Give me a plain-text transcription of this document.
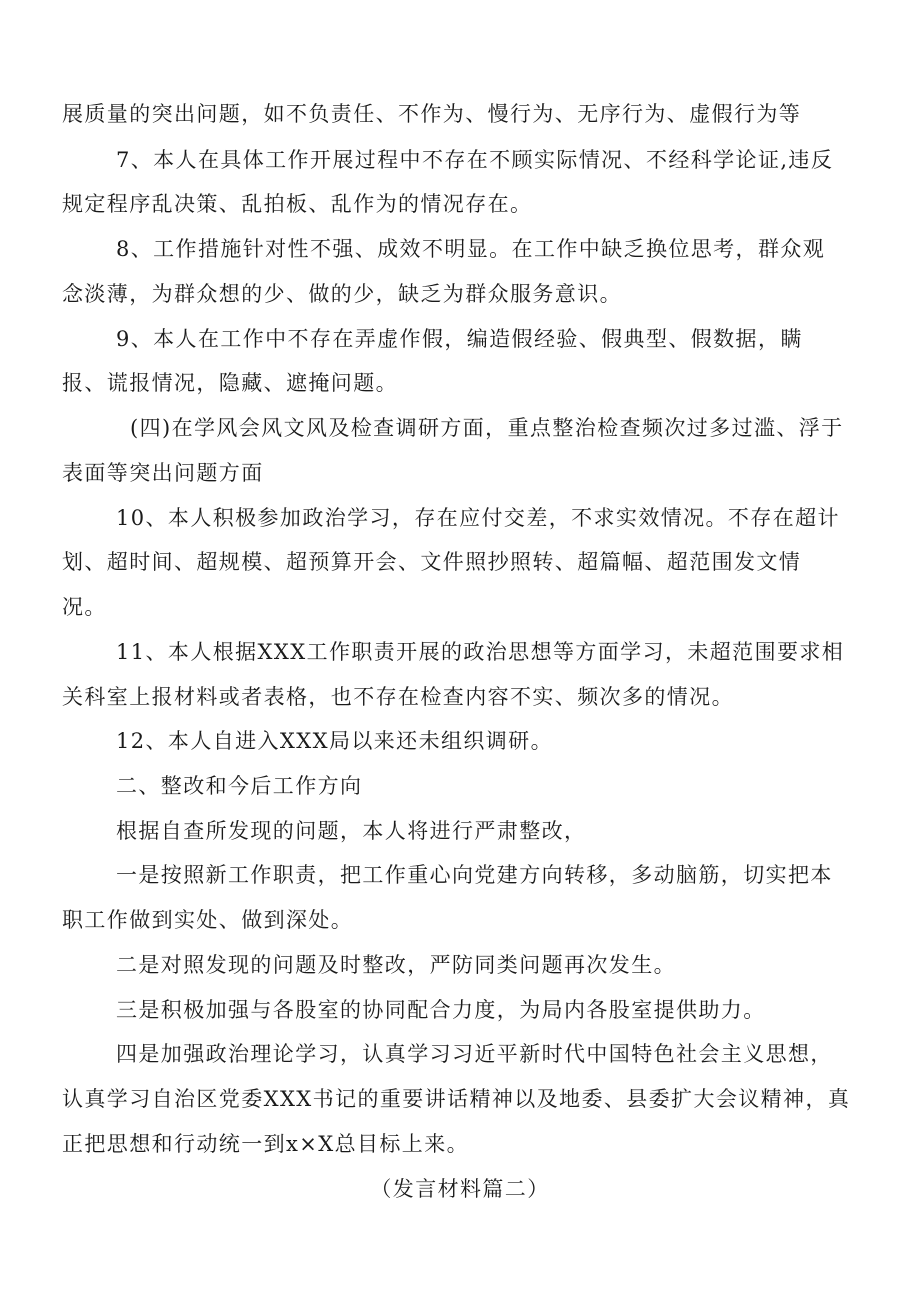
展质量的突出问题，如不负责任、不作为、慢行为、无序行为、虚假行为等
7、本人在具体工作开展过程中不存在不顾实际情况、不经科学论证,违反
规定程序乱决策、乱拍板、乱作为的情况存在。
8、工作措施针对性不强、成效不明显。在工作中缺乏换位思考，群众观
念淡薄，为群众想的少、做的少，缺乏为群众服务意识。
9、本人在工作中不存在弄虚作假，编造假经验、假典型、假数据，瞒
报、谎报情况，隐藏、遮掩问题。
(四)在学风会风文风及检查调研方面，重点整治检查频次过多过滥、浮于
表面等突出问题方面
10、本人积极参加政治学习，存在应付交差，不求实效情况。不存在超计
划、超时间、超规模、超预算开会、文件照抄照转、超篇幅、超范围发文情
况。
11、本人根据XXX工作职责开展的政治思想等方面学习，未超范围要求相
关科室上报材料或者表格，也不存在检查内容不实、频次多的情况。
12、本人自进入XXX局以来还未组织调研。
二、整改和今后工作方向
根据自查所发现的问题，本人将进行严肃整改，
一是按照新工作职责，把工作重心向党建方向转移，多动脑筋，切实把本
职工作做到实处、做到深处。
二是对照发现的问题及时整改，严防同类问题再次发生。
三是积极加强与各股室的协同配合力度，为局内各股室提供助力。
四是加强政治理论学习，认真学习习近平新时代中国特色社会主义思想，
认真学习自治区党委XXX书记的重要讲话精神以及地委、县委扩大会议精神，真
正把思想和行动统一到x×X总目标上来。
（发言材料篇二）
